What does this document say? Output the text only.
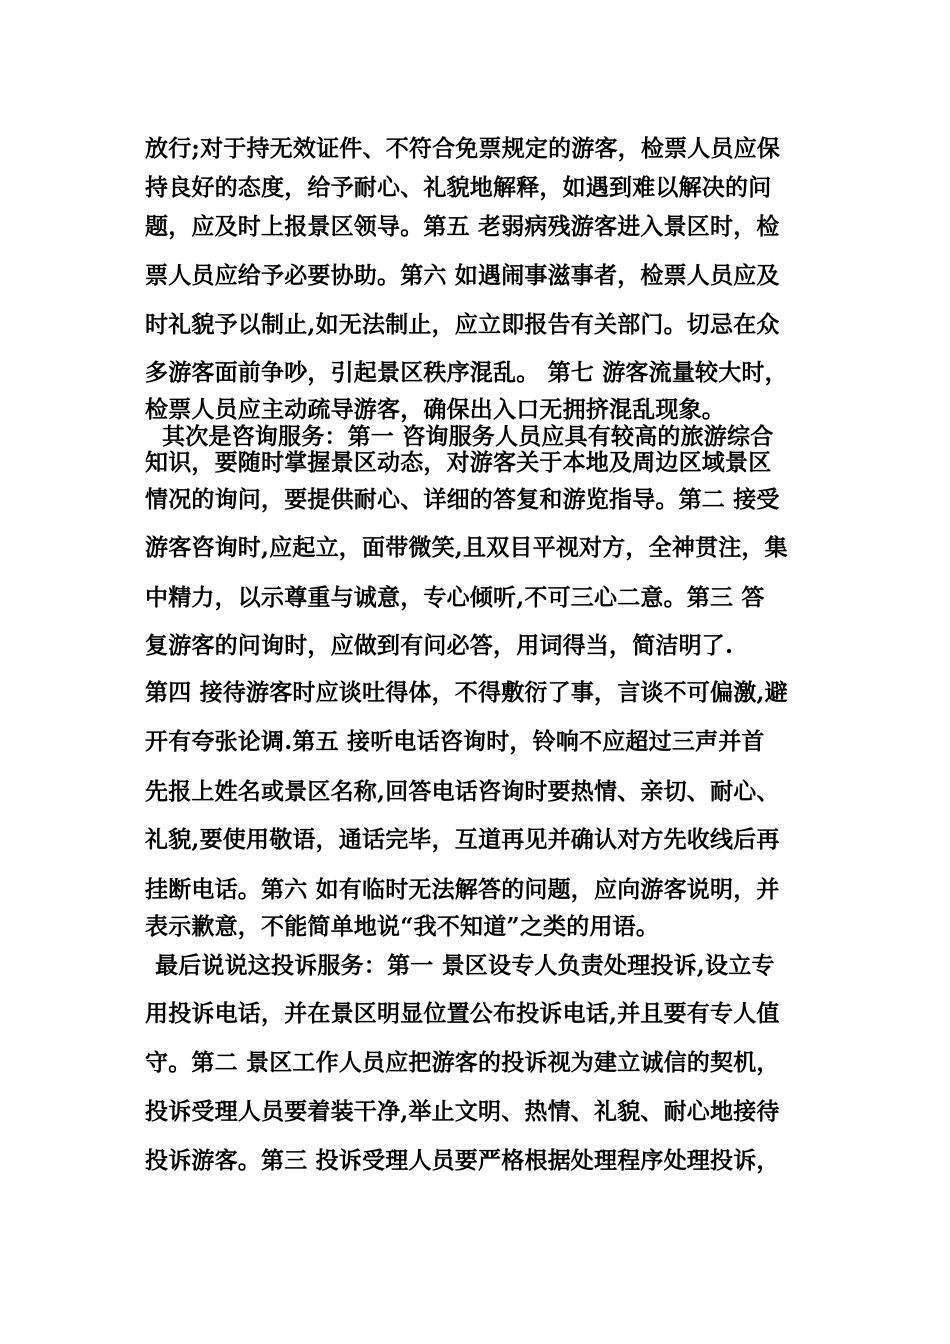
放行;对于持无效证件、不符合免票规定的游客，检票人员应保

持良好的态度，给予耐心、礼貌地解释，如遇到难以解决的问

题，应及时上报景区领导。第五 老弱病残游客进入景区时，检

票人员应给予必要协助。第六 如遇闹事滋事者，检票人员应及

时礼貌予以制止,如无法制止，应立即报告有关部门。切忌在众

多游客面前争吵，引起景区秩序混乱。 第七 游客流量较大时，

检票人员应主动疏导游客，确保出入口无拥挤混乱现象。

其次是咨询服务：第一 咨询服务人员应具有较高的旅游综合

知识，要随时掌握景区动态，对游客关于本地及周边区域景区

情况的询问，要提供耐心、详细的答复和游览指导。第二 接受

游客咨询时,应起立，面带微笑,且双目平视对方，全神贯注，集

中精力，以示尊重与诚意，专心倾听,不可三心二意。第三 答

复游客的问询时，应做到有问必答，用词得当，简洁明了.

第四 接待游客时应谈吐得体，不得敷衍了事，言谈不可偏激,避

开有夸张论调.第五 接听电话咨询时，铃响不应超过三声并首

先报上姓名或景区名称,回答电话咨询时要热情、亲切、耐心、

礼貌,要使用敬语，通话完毕，互道再见并确认对方先收线后再

挂断电话。第六 如有临时无法解答的问题，应向游客说明，并

表示歉意，不能简单地说“我不知道”之类的用语。

最后说说这投诉服务：第一 景区设专人负责处理投诉,设立专

用投诉电话，并在景区明显位置公布投诉电话,并且要有专人值

守。第二 景区工作人员应把游客的投诉视为建立诚信的契机，

投诉受理人员要着装干净,举止文明、热情、礼貌、耐心地接待

投诉游客。第三 投诉受理人员要严格根据处理程序处理投诉，
